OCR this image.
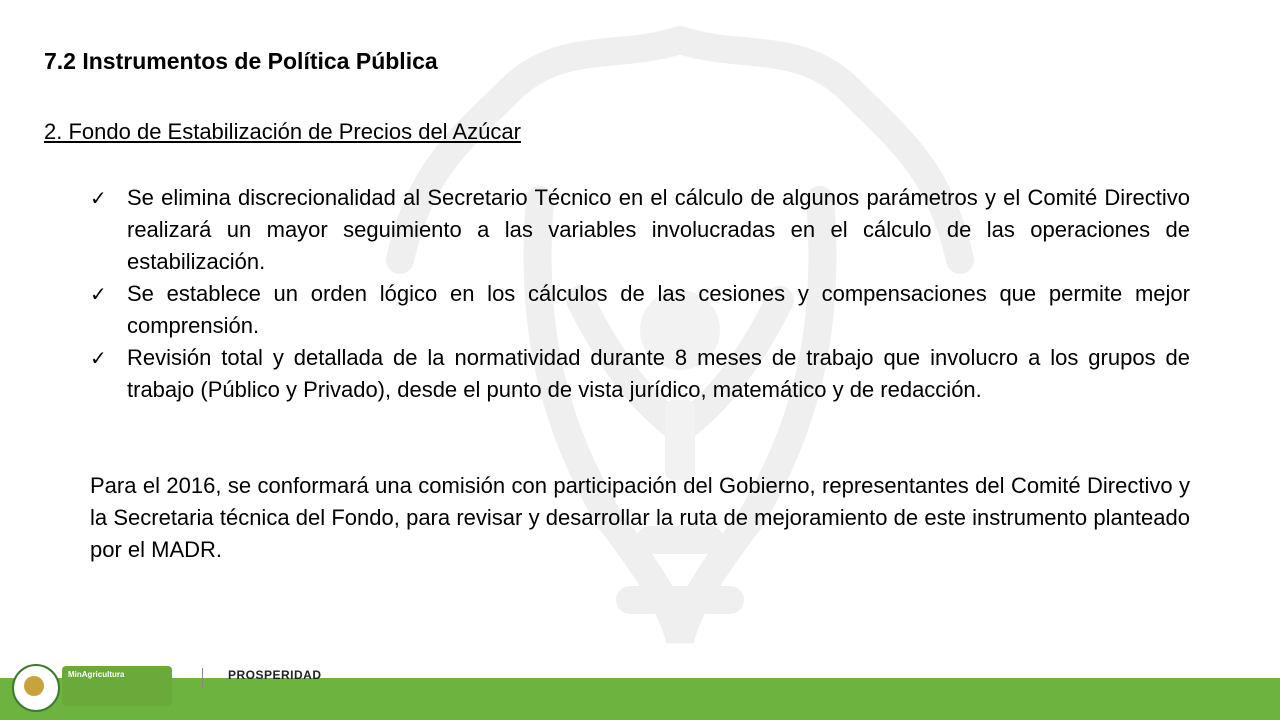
7.2 Instrumentos de Política Pública
2. Fondo de Estabilización de Precios del Azúcar
✓ Se elimina discrecionalidad al Secretario Técnico en el cálculo de algunos parámetros y el Comité Directivo realizará un mayor seguimiento a las variables involucradas en el cálculo de las operaciones de estabilización.
✓ Se establece un orden lógico en los cálculos de las cesiones y compensaciones que permite mejor comprensión.
✓ Revisión total y detallada de la normatividad durante 8 meses de trabajo que involucro a los grupos de trabajo (Público y Privado), desde el punto de vista jurídico, matemático y de redacción.

Para el 2016, se conformará una comisión con participación del Gobierno, representantes del Comité Directivo y la Secretaria técnica del Fondo, para revisar y desarrollar la ruta de mejoramiento de este instrumento planteado por el MADR.

MinAgricultura	PROSPERIDAD
